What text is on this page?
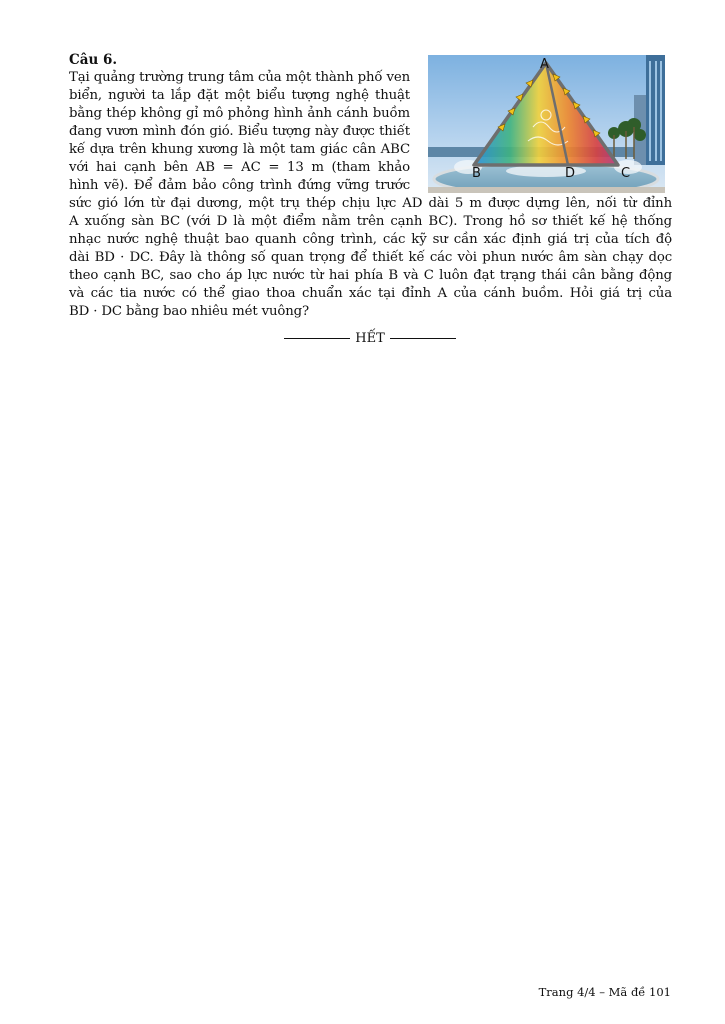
Câu 6.
Tại quảng trường trung tâm của một thành phố ven
biển, người ta lắp đặt một biểu tượng nghệ thuật
bằng thép không gỉ mô phỏng hình ảnh cánh buồm
đang vươn mình đón gió. Biểu tượng này được thiết
kế dựa trên khung xương là một tam giác cân ABC
với hai cạnh bên AB = AC = 13 m (tham khảo
hình vẽ). Để đảm bảo công trình đứng vững trước
sức gió lớn từ đại dương, một trụ thép chịu lực AD dài 5 m được dựng lên, nối từ đỉnh
A xuống sàn BC (với D là một điểm nằm trên cạnh BC). Trong hồ sơ thiết kế hệ thống
nhạc nước nghệ thuật bao quanh công trình, các kỹ sư cần xác định giá trị của tích độ
dài BD · DC. Đây là thông số quan trọng để thiết kế các vòi phun nước âm sàn chạy dọc
theo cạnh BC, sao cho áp lực nước từ hai phía B và C luôn đạt trạng thái cân bằng động
và các tia nước có thể giao thoa chuẩn xác tại đỉnh A của cánh buồm. Hỏi giá trị của
BD · DC bằng bao nhiêu mét vuông?
A
B	D	C
HẾT
Trang 4/4 – Mã đề 101
